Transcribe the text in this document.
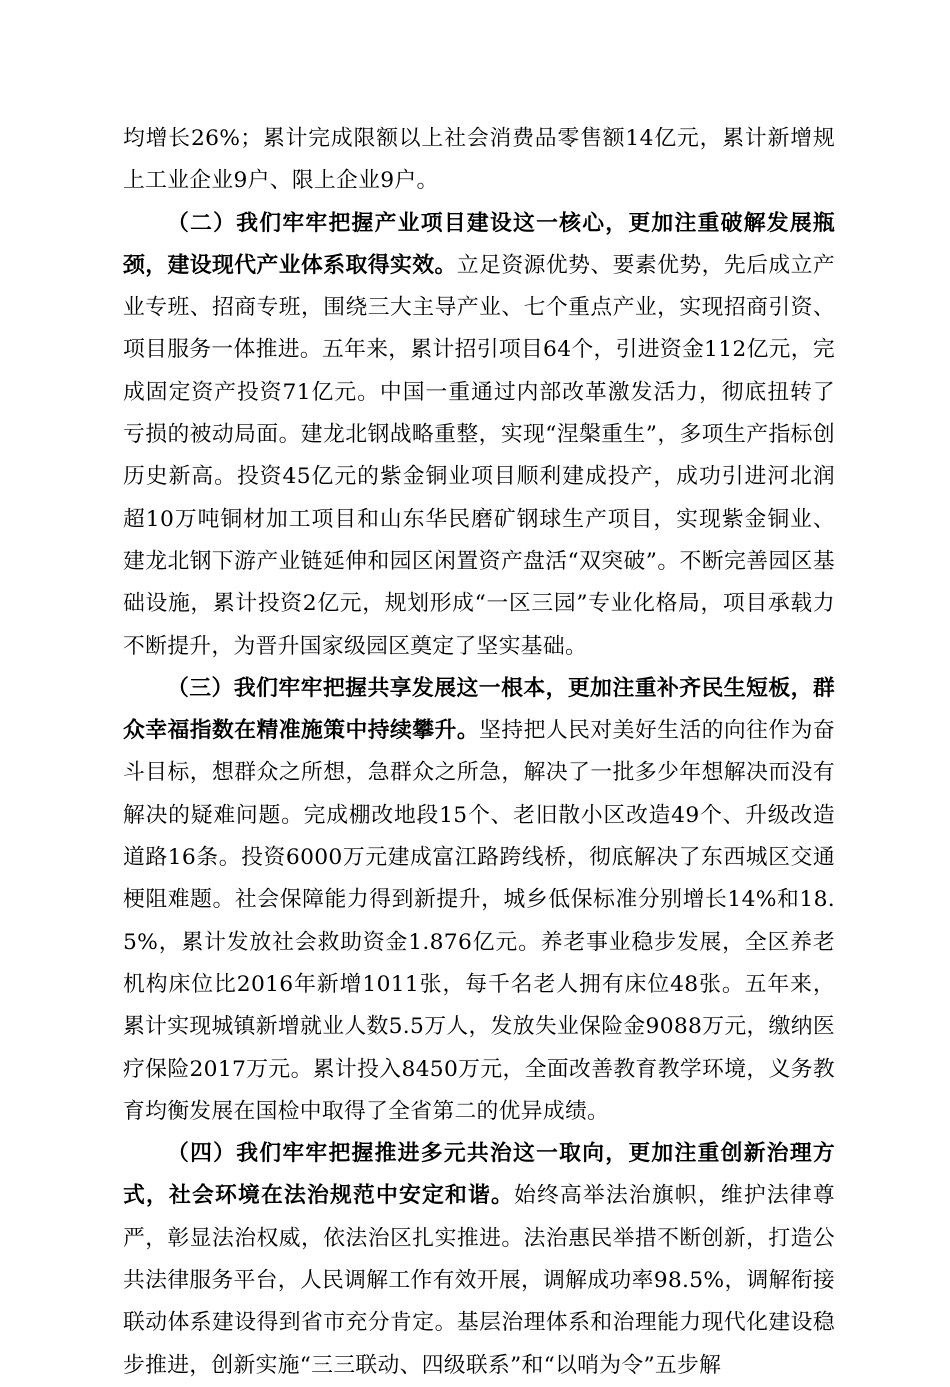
均增长26%；累计完成限额以上社会消费品零售额14亿元，累计新增规上工业企业9户、限上企业9户。

（二）我们牢牢把握产业项目建设这一核心，更加注重破解发展瓶颈，建设现代产业体系取得实效。立足资源优势、要素优势，先后成立产业专班、招商专班，围绕三大主导产业、七个重点产业，实现招商引资、项目服务一体推进。五年来，累计招引项目64个，引进资金112亿元，完成固定资产投资71亿元。中国一重通过内部改革激发活力，彻底扭转了亏损的被动局面。建龙北钢战略重整，实现“涅槃重生”，多项生产指标创历史新高。投资45亿元的紫金铜业项目顺利建成投产，成功引进河北润超10万吨铜材加工项目和山东华民磨矿钢球生产项目，实现紫金铜业、建龙北钢下游产业链延伸和园区闲置资产盘活“双突破”。不断完善园区基础设施，累计投资2亿元，规划形成“一区三园”专业化格局，项目承载力不断提升，为晋升国家级园区奠定了坚实基础。

（三）我们牢牢把握共享发展这一根本，更加注重补齐民生短板，群众幸福指数在精准施策中持续攀升。坚持把人民对美好生活的向往作为奋斗目标，想群众之所想，急群众之所急，解决了一批多少年想解决而没有解决的疑难问题。完成棚改地段15个、老旧散小区改造49个、升级改造道路16条。投资6000万元建成富江路跨线桥，彻底解决了东西城区交通梗阻难题。社会保障能力得到新提升，城乡低保标准分别增长14%和18.5%，累计发放社会救助资金1.876亿元。养老事业稳步发展，全区养老机构床位比2016年新增1011张，每千名老人拥有床位48张。五年来，累计实现城镇新增就业人数5.5万人，发放失业保险金9088万元，缴纳医疗保险2017万元。累计投入8450万元，全面改善教育教学环境，义务教育均衡发展在国检中取得了全省第二的优异成绩。

（四）我们牢牢把握推进多元共治这一取向，更加注重创新治理方式，社会环境在法治规范中安定和谐。始终高举法治旗帜，维护法律尊严，彰显法治权威，依法治区扎实推进。法治惠民举措不断创新，打造公共法律服务平台，人民调解工作有效开展，调解成功率98.5%，调解衔接联动体系建设得到省市充分肯定。基层治理体系和治理能力现代化建设稳步推进，创新实施“三三联动、四级联系”和“以哨为令”五步解
